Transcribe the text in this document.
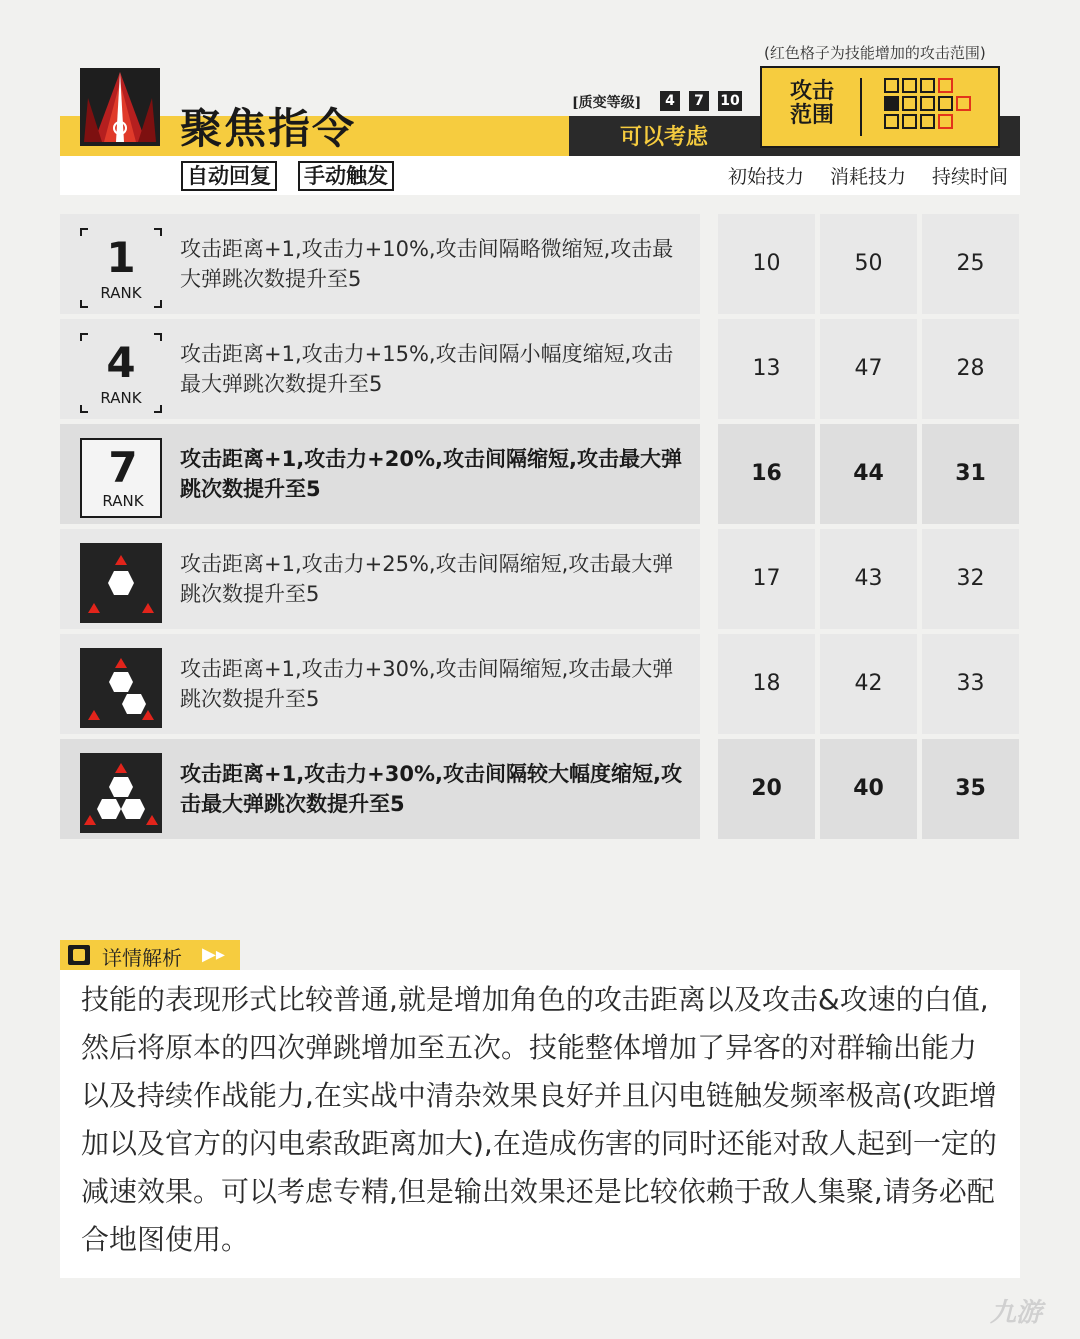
(红色格子为技能增加的攻击范围)
聚焦指令
自动回复 手动触发
[质变等级]	4	7	10
可以考虑
攻击范围
初始技力 消耗技力 持续时间
1
RANK
攻击距离+1,攻击力+10%,攻击间隔略微缩短,攻击最大弹跳次数提升至5
10	50	25
4
RANK
攻击距离+1,攻击力+15%,攻击间隔小幅度缩短,攻击最大弹跳次数提升至5
13	47	28
7
RANK
攻击距离+1,攻击力+20%,攻击间隔缩短,攻击最大弹跳次数提升至5
16	44	31
攻击距离+1,攻击力+25%,攻击间隔缩短,攻击最大弹跳次数提升至5
17	43	32
攻击距离+1,攻击力+30%,攻击间隔缩短,攻击最大弹跳次数提升至5
18	42	33
攻击距离+1,攻击力+30%,攻击间隔较大幅度缩短,攻击最大弹跳次数提升至5
20	40	35
详情解析 ▶▸
技能的表现形式比较普通,就是增加角色的攻击距离以及攻击&攻速的白值,然后将原本的四次弹跳增加至五次。技能整体增加了异客的对群输出能力以及持续作战能力,在实战中清杂效果良好并且闪电链触发频率极高(攻距增加以及官方的闪电索敌距离加大),在造成伤害的同时还能对敌人起到一定的减速效果。可以考虑专精,但是输出效果还是比较依赖于敌人集聚,请务必配合地图使用。
九游
